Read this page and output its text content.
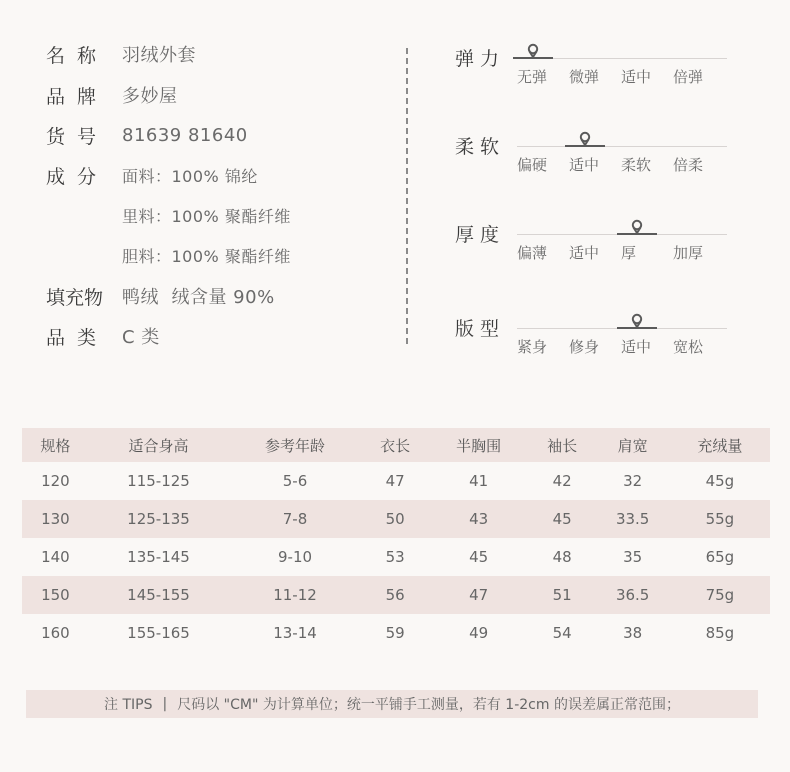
名称 羽绒外套
品牌 多妙屋
货号 81639 81640
成分 面料：100% 锦纶
里料：100% 聚酯纤维
胆料：100% 聚酯纤维
填充物	鸭绒  绒含量 90%
品类 C 类
弹力
无弹	微弹	适中	倍弹
柔软
偏硬	适中	柔软	倍柔
厚度
偏薄	适中	厚	加厚
版型
紧身	修身	适中	宽松
规格	适合身高	参考年龄	衣长	半胸围	袖长	肩宽	充绒量
120	115-125	5-6	47	41	42	32	45g
130	125-135	7-8	50	43	45	33.5	55g
140	135-145	9-10	53	45	48	35	65g
150	145-155	11-12	56	47	51	36.5	75g
160	155-165	13-14	59	49	54	38	85g
注 TIPS | 尺码以 "CM" 为计算单位；统一平铺手工测量，若有 1-2cm 的误差属正常范围；
